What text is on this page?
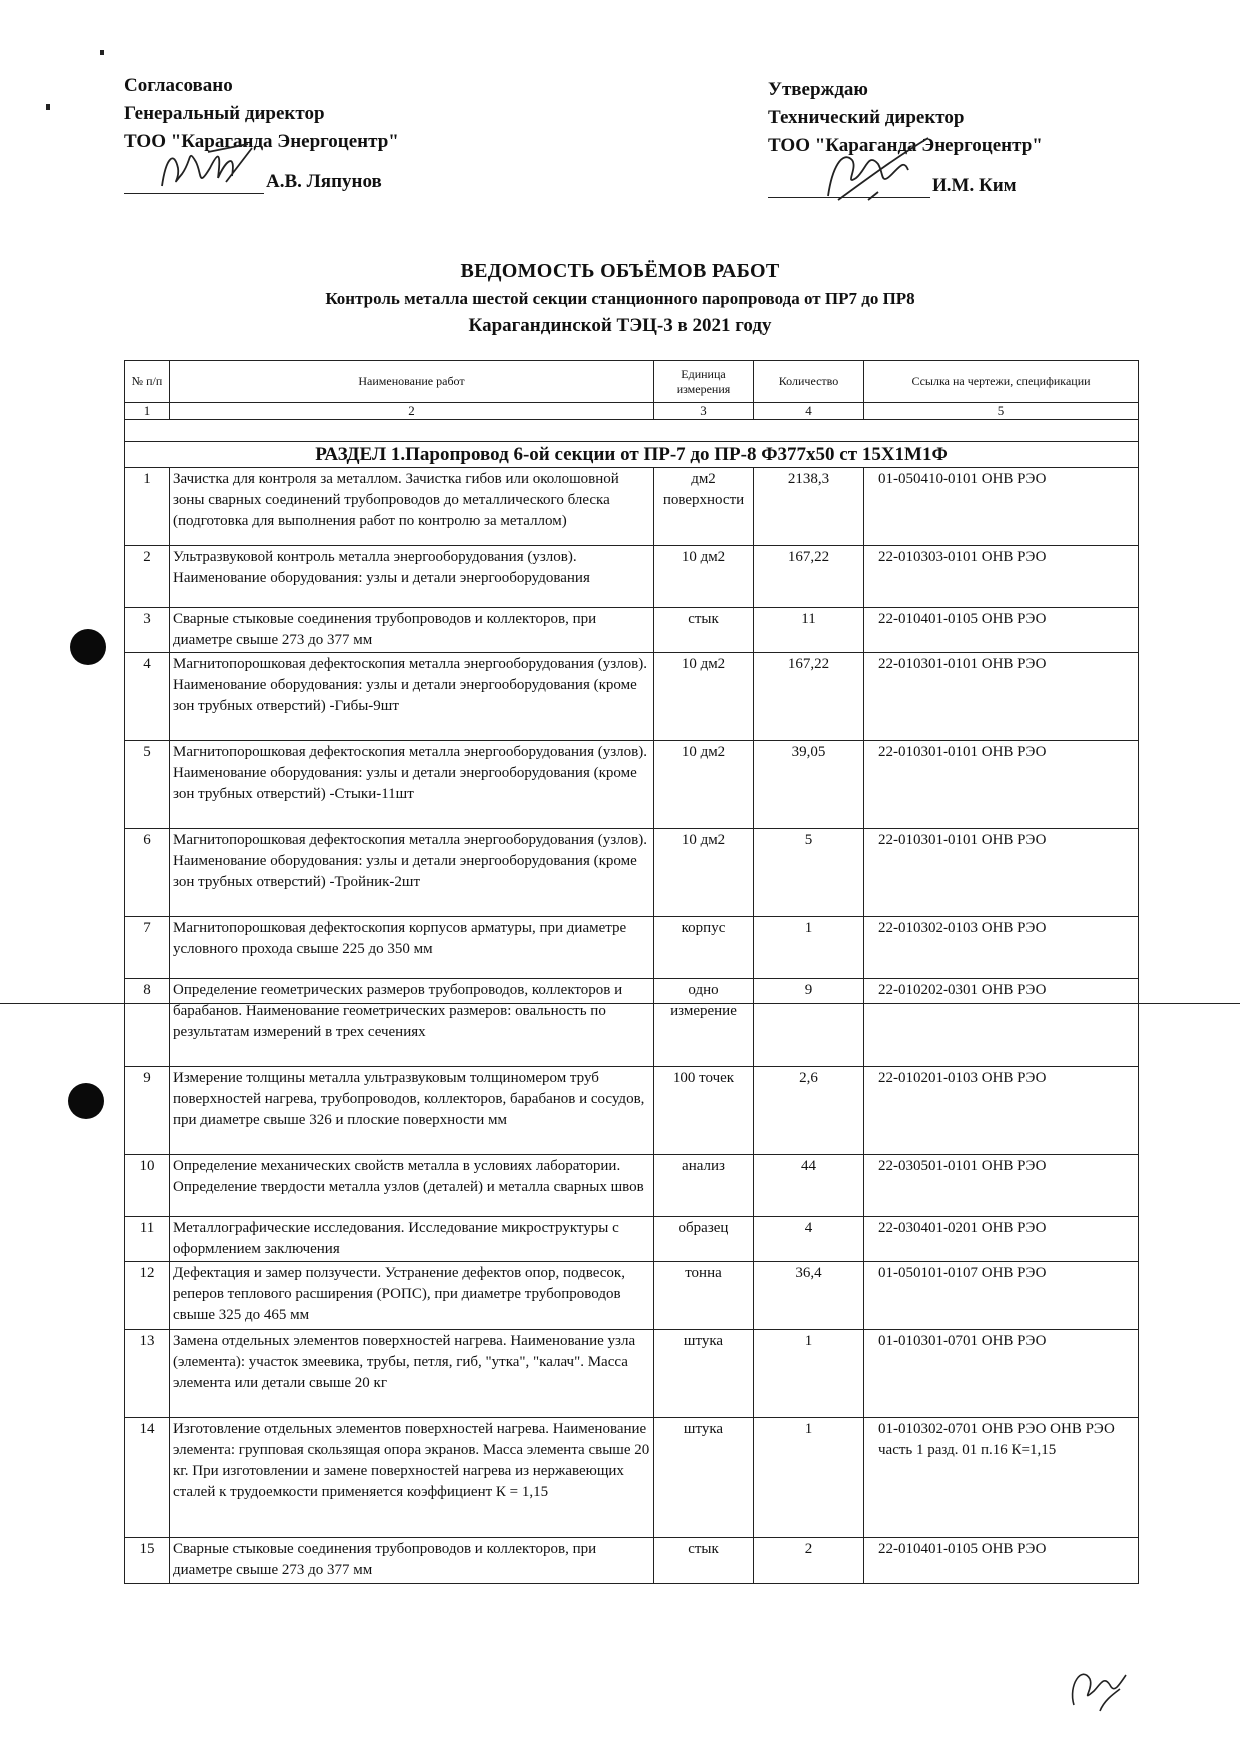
Согласовано
Генеральный директор
ТОО "Караганда Энергоцентр"
А.В. Ляпунов
Утверждаю
Технический директор
ТОО "Караганда Энергоцентр"
И.М. Ким
ВЕДОМОСТЬ ОБЪЁМОВ РАБОТ
Контроль металла шестой секции станционного паропровода от ПР7 до ПР8
Карагандинской ТЭЦ-3 в 2021 году
№ п/п	Наименование работ	Единица измерения	Количество	Ссылка на чертежи, спецификации
1	2	3	4	5

РАЗДЕЛ 1.Паропровод 6-ой секции от ПР-7 до ПР-8 Ф377х50 ст 15Х1М1Ф				
1	Зачистка для контроля за металлом. Зачистка гибов или околошовной зоны сварных соединений трубопроводов до металлического блеска (подготовка для выполнения работ по контролю за металлом)	дм2 поверхности	2138,3	01-050410-0101 ОНВ РЭО
2	Ультразвуковой контроль металла энергооборудования (узлов). Наименование оборудования: узлы и детали энергооборудования	10 дм2	167,22	22-010303-0101 ОНВ РЭО
3	Сварные стыковые соединения трубопроводов и коллекторов, при диаметре свыше 273 до 377 мм	стык	11	22-010401-0105 ОНВ РЭО
4	Магнитопорошковая дефектоскопия металла энергооборудования (узлов). Наименование оборудования: узлы и детали энергооборудования (кроме зон трубных отверстий) -Гибы-9шт	10 дм2	167,22	22-010301-0101 ОНВ РЭО
5	Магнитопорошковая дефектоскопия металла энергооборудования (узлов). Наименование оборудования: узлы и детали энергооборудования (кроме зон трубных отверстий) -Стыки-11шт	10 дм2	39,05	22-010301-0101 ОНВ РЭО
6	Магнитопорошковая дефектоскопия металла энергооборудования (узлов). Наименование оборудования: узлы и детали энергооборудования (кроме зон трубных отверстий) -Тройник-2шт	10 дм2	5	22-010301-0101 ОНВ РЭО
7	Магнитопорошковая дефектоскопия корпусов арматуры, при диаметре условного прохода свыше 225 до 350 мм	корпус	1	22-010302-0103 ОНВ РЭО
8	Определение геометрических размеров трубопроводов, коллекторов и барабанов. Наименование геометрических размеров: овальность по результатам измерений в трех сечениях	одно измерение	9	22-010202-0301 ОНВ РЭО
9	Измерение толщины металла ультразвуковым толщиномером труб поверхностей нагрева, трубопроводов, коллекторов, барабанов и сосудов, при диаметре свыше 326 и плоские поверхности мм	100 точек	2,6	22-010201-0103 ОНВ РЭО
10	Определение механических свойств металла в условиях лаборатории. Определение твердости металла узлов (деталей) и металла сварных швов	анализ	44	22-030501-0101 ОНВ РЭО
11	Металлографические исследования. Исследование микроструктуры с оформлением заключения	образец	4	22-030401-0201 ОНВ РЭО
12	Дефектация и замер ползучести. Устранение дефектов опор, подвесок, реперов теплового расширения (РОПС), при диаметре трубопроводов свыше 325 до 465 мм	тонна	36,4	01-050101-0107 ОНВ РЭО
13	Замена отдельных элементов поверхностей нагрева. Наименование узла (элемента): участок змеевика, трубы, петля, гиб, "утка", "калач". Масса элемента или детали свыше 20 кг	штука	1	01-010301-0701 ОНВ РЭО
14	Изготовление отдельных элементов поверхностей нагрева. Наименование элемента: групповая скользящая опора экранов. Масса элемента свыше 20 кг. При изготовлении и замене поверхностей нагрева из нержавеющих сталей к трудоемкости применяется коэффициент К = 1,15	штука	1	01-010302-0701 ОНВ РЭО ОНВ РЭО часть 1 разд. 01 п.16 К=1,15
15	Сварные стыковые соединения трубопроводов и коллекторов, при диаметре свыше 273 до 377 мм	стык	2	22-010401-0105 ОНВ РЭО
